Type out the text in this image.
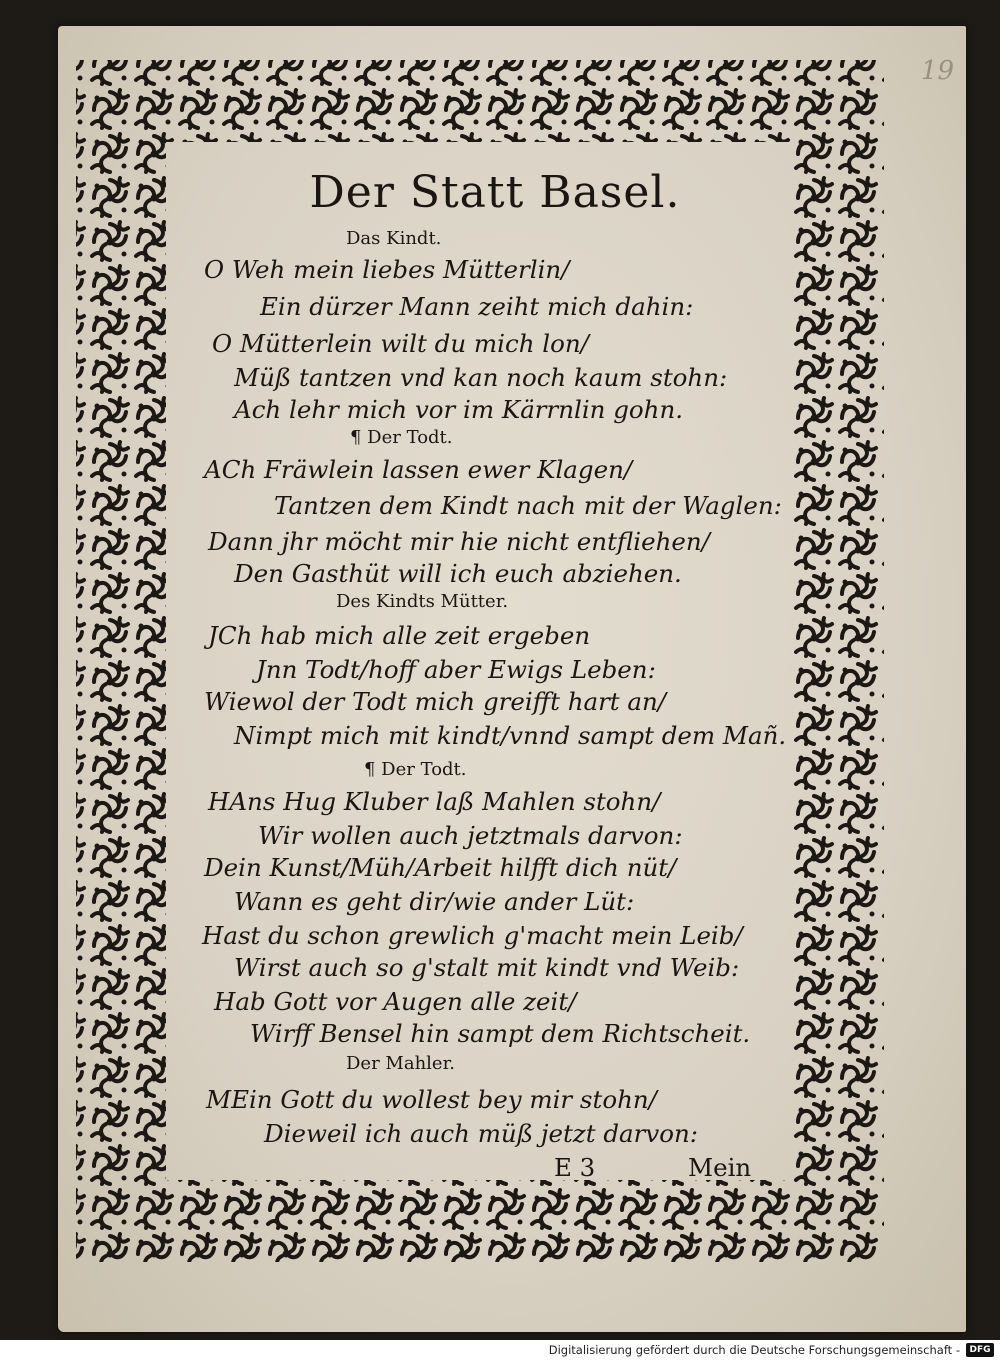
19
Der Statt Basel.
Das Kindt.
O Weh mein liebes Mütterlin/
Ein dürzer Mann zeiht mich dahin:
O Mütterlein wilt du mich lon/
Müß tantzen vnd kan noch kaum stohn:
Ach lehr mich vor im Kärrnlin gohn.
¶ Der Todt.
ACh Fräwlein lassen ewer Klagen/
Tantzen dem Kindt nach mit der Waglen:
Dann jhr möcht mir hie nicht entfliehen/
Den Gasthüt will ich euch abziehen.
Des Kindts Mütter.
JCh hab mich alle zeit ergeben
Jnn Todt/hoff aber Ewigs Leben:
Wiewol der Todt mich greifft hart an/
Nimpt mich mit kindt/vnnd sampt dem Mañ.
¶ Der Todt.
HAns Hug Kluber laß Mahlen stohn/
Wir wollen auch jetztmals darvon:
Dein Kunst/Müh/Arbeit hilfft dich nüt/
Wann es geht dir/wie ander Lüt:
Hast du schon grewlich g'macht mein Leib/
Wirst auch so g'stalt mit kindt vnd Weib:
Hab Gott vor Augen alle zeit/
Wirff Bensel hin sampt dem Richtscheit.
Der Mahler.
MEin Gott du wollest bey mir stohn/
Dieweil ich auch müß jetzt darvon:
E 3	Mein
Digitalisierung gefördert durch die Deutsche Forschungsgemeinschaft -	DFG
